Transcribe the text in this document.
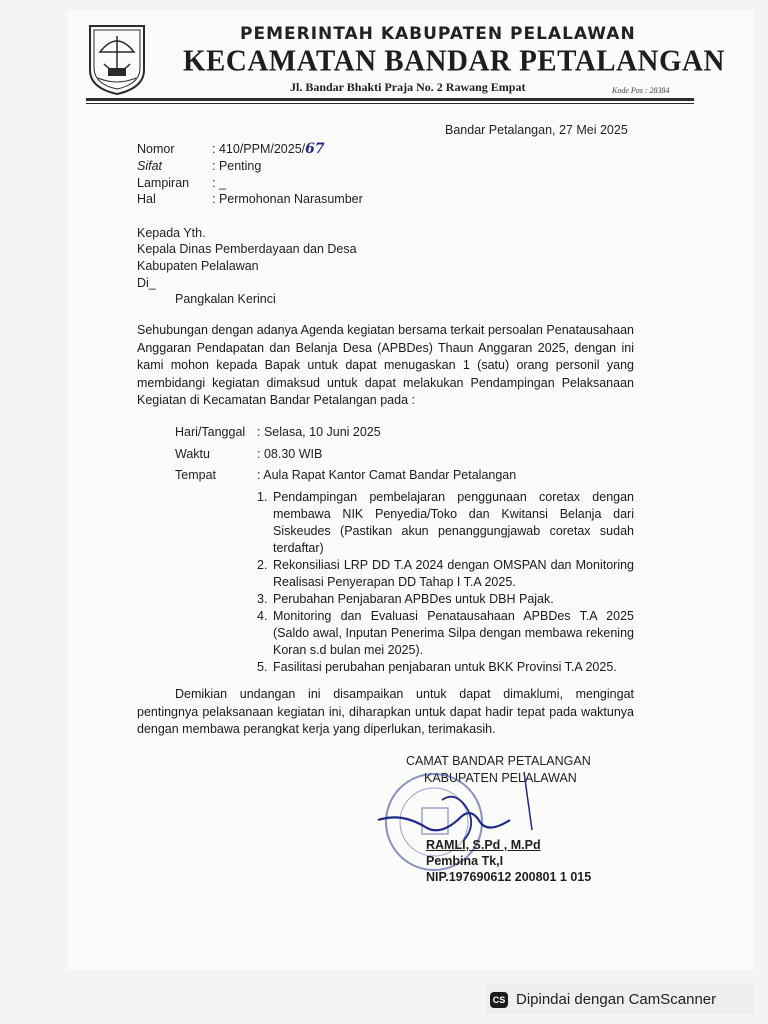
PEMERINTAH KABUPATEN PELALAWAN
KECAMATAN BANDAR PETALANGAN
Jl. Bandar Bhakti Praja No. 2 Rawang Empat	Kode Pos : 28384
Bandar Petalangan, 27 Mei 2025
Nomor	: 410/PPM/2025/67
Sifat	: Penting
Lampiran	: _
Hal	: Permohonan Narasumber
Kepada Yth.
Kepala Dinas Pemberdayaan dan Desa
Kabupaten Pelalawan
Di_
Pangkalan Kerinci
Sehubungan dengan adanya Agenda kegiatan bersama terkait persoalan Penatausahaan Anggaran Pendapatan dan Belanja Desa (APBDes) Thaun Anggaran 2025, dengan ini kami mohon kepada Bapak untuk dapat menugaskan 1 (satu) orang personil yang membidangi kegiatan dimaksud untuk dapat melakukan Pendampingan Pelaksanaan Kegiatan di Kecamatan Bandar Petalangan pada :
Hari/Tanggal : Selasa, 10 Juni 2025
Waktu	: 08.30 WIB
Tempat	: Aula Rapat Kantor Camat Bandar Petalangan
1. Pendampingan pembelajaran penggunaan coretax dengan membawa NIK Penyedia/Toko dan Kwitansi Belanja dari Siskeudes (Pastikan akun penanggungjawab coretax sudah terdaftar)
2. Rekonsiliasi LRP DD T.A 2024 dengan OMSPAN dan Monitoring Realisasi Penyerapan DD Tahap I T.A 2025.
3. Perubahan Penjabaran APBDes untuk DBH Pajak.
4. Monitoring dan Evaluasi Penatausahaan APBDes T.A 2025 (Saldo awal, Inputan Penerima Silpa dengan membawa rekening Koran s.d bulan mei 2025).
5. Fasilitasi perubahan penjabaran untuk BKK Provinsi T.A 2025.
Demikian undangan ini disampaikan untuk dapat dimaklumi, mengingat pentingnya pelaksanaan kegiatan ini, diharapkan untuk dapat hadir tepat pada waktunya dengan membawa perangkat kerja yang diperlukan, terimakasih.
CAMAT BANDAR PETALANGAN
KABUPATEN PELALAWAN
RAMLI, S.Pd , M.Pd
Pembina Tk,I
NIP.197690612 200801 1 015
CS Dipindai dengan CamScanner
